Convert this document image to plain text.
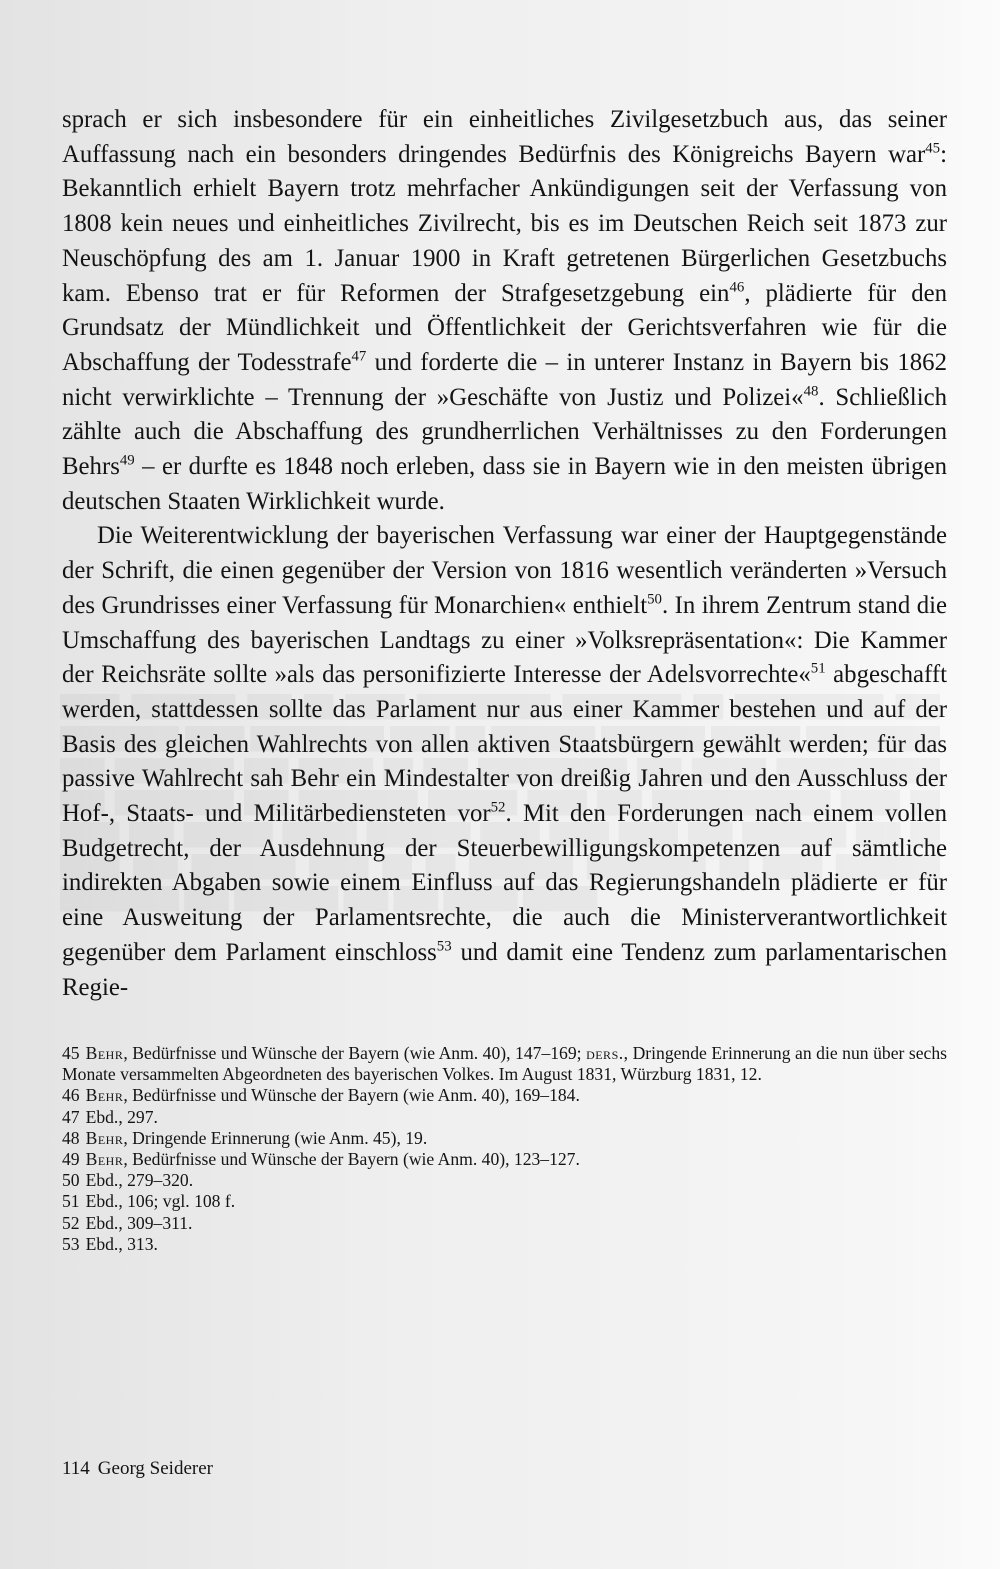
sprach er sich insbesondere für ein einheitliches Zivilgesetzbuch aus, das seiner Auffassung nach ein besonders dringendes Bedürfnis des Königreichs Bayern war$^{45}$: Bekanntlich erhielt Bayern trotz mehrfacher Ankündigungen seit der Verfassung von 1808 kein neues und einheitliches Zivilrecht, bis es im Deutschen Reich seit 1873 zur Neuschöpfung des am 1. Januar 1900 in Kraft getretenen Bürgerlichen Gesetzbuchs kam. Ebenso trat er für Reformen der Strafgesetzgebung ein$^{46}$, plädierte für den Grundsatz der Mündlichkeit und Öffentlichkeit der Gerichtsverfahren wie für die Abschaffung der Todesstrafe$^{47}$ und forderte die – in unterer Instanz in Bayern bis 1862 nicht verwirklichte – Trennung der »Geschäfte von Justiz und Polizei«$^{48}$. Schließlich zählte auch die Abschaffung des grundherrlichen Verhältnisses zu den Forderungen Behrs$^{49}$ – er durfte es 1848 noch erleben, dass sie in Bayern wie in den meisten übrigen deutschen Staaten Wirklichkeit wurde.

Die Weiterentwicklung der bayerischen Verfassung war einer der Hauptgegenstände der Schrift, die einen gegenüber der Version von 1816 wesentlich veränderten »Versuch des Grundrisses einer Verfassung für Monarchien« enthielt$^{50}$. In ihrem Zentrum stand die Umschaffung des bayerischen Landtags zu einer »Volksrepräsentation«: Die Kammer der Reichsräte sollte »als das personifizierte Interesse der Adelsvorrechte«$^{51}$ abgeschafft werden, stattdessen sollte das Parlament nur aus einer Kammer bestehen und auf der Basis des gleichen Wahlrechts von allen aktiven Staatsbürgern gewählt werden; für das passive Wahlrecht sah Behr ein Mindestalter von dreißig Jahren und den Ausschluss der Hof-, Staats- und Militärbediensteten vor$^{52}$. Mit den Forderungen nach einem vollen Budgetrecht, der Ausdehnung der Steuerbewilligungskompetenzen auf sämtliche indirekten Abgaben sowie einem Einfluss auf das Regierungshandeln plädierte er für eine Ausweitung der Parlamentsrechte, die auch die Ministerverantwortlichkeit gegenüber dem Parlament einschloss$^{53}$ und damit eine Tendenz zum parlamentarischen Regie-

45 Behr, Bedürfnisse und Wünsche der Bayern (wie Anm. 40), 147–169; ders., Dringende Erinnerung an die nun über sechs Monate versammelten Abgeordneten des bayerischen Volkes. Im August 1831, Würzburg 1831, 12.

46 Behr, Bedürfnisse und Wünsche der Bayern (wie Anm. 40), 169–184.

47 Ebd., 297.

48 Behr, Dringende Erinnerung (wie Anm. 45), 19.

49 Behr, Bedürfnisse und Wünsche der Bayern (wie Anm. 40), 123–127.

50 Ebd., 279–320.

51 Ebd., 106; vgl. 108 f.

52 Ebd., 309–311.

53 Ebd., 313.

114 Georg Seiderer
